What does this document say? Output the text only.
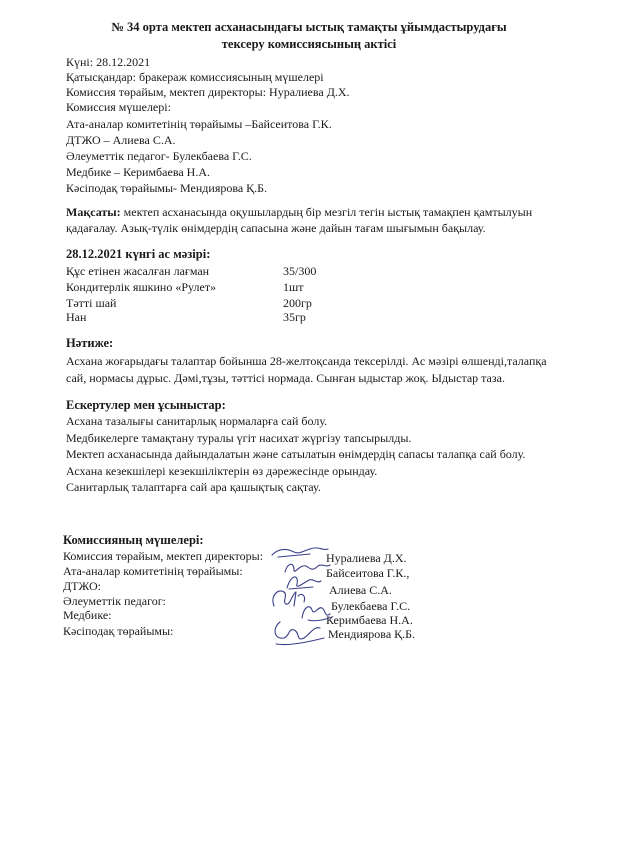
№ 34 орта мектеп асханасындағы ыстық тамақты ұйымдастырудағы
тексеру комиссиясының актісі
Күні: 28.12.2021
Қатысқандар: бракераж комиссиясының мүшелері
Комиссия төрайым, мектеп директоры: Нуралиева Д.Х.
Комиссия мүшелері:
Ата-аналар комитетінің төрайымы –Байсеитова Г.К.
ДТЖО – Алиева С.А.
Әлеуметтік педагог- Булекбаева Г.С.
Медбике – Керимбаева Н.А.
Кәсіподақ төрайымы- Мендиярова Қ.Б.
Мақсаты: мектеп асханасында оқушылардың бір мезгіл тегін ыстық тамақпен қамтылуын
қадағалау. Азық-түлік өнімдердің сапасына және дайын тағам шығымын бақылау.
28.12.2021 күнгі ас мәзірі:
Құс етінен жасалған лағман	35/300
Кондитерлік яшкино «Рулет»	1шт
Тәтті шай	200гр
Нан	35гр
Нәтиже:
Асхана жоғарыдағы талаптар бойынша 28-желтоқсанда тексерілді. Ас мәзірі өлшенді,талапқа
сай, нормасы дұрыс. Дәмі,тұзы, тәттісі нормада. Сынған ыдыстар жоқ. Ыдыстар таза.
Ескертулер мен ұсыныстар:
Асхана тазалығы санитарлық нормаларға сай болу.
Медбикелерге тамақтану туралы үгіт насихат жүргізу тапсырылды.
Мектеп асханасында дайындалатын және сатылатын өнімдердің сапасы талапқа сай болу.
Асхана кезекшілері кезекшіліктерін өз дәрежесінде орындау.
Санитарлық талаптарға сай ара қашықтық сақтау.
Комиссияның мүшелері:
Комиссия төрайым, мектеп директоры:	Нуралиева Д.Х.
Ата-аналар комитетінің төрайымы:	Байсеитова Г.К.,
ДТЖО:	Алиева С.А.
Әлеуметтік педагог:	Булекбаева Г.С.
Медбике:	Керимбаева Н.А.
Кәсіподақ төрайымы:	Мендиярова Қ.Б.
